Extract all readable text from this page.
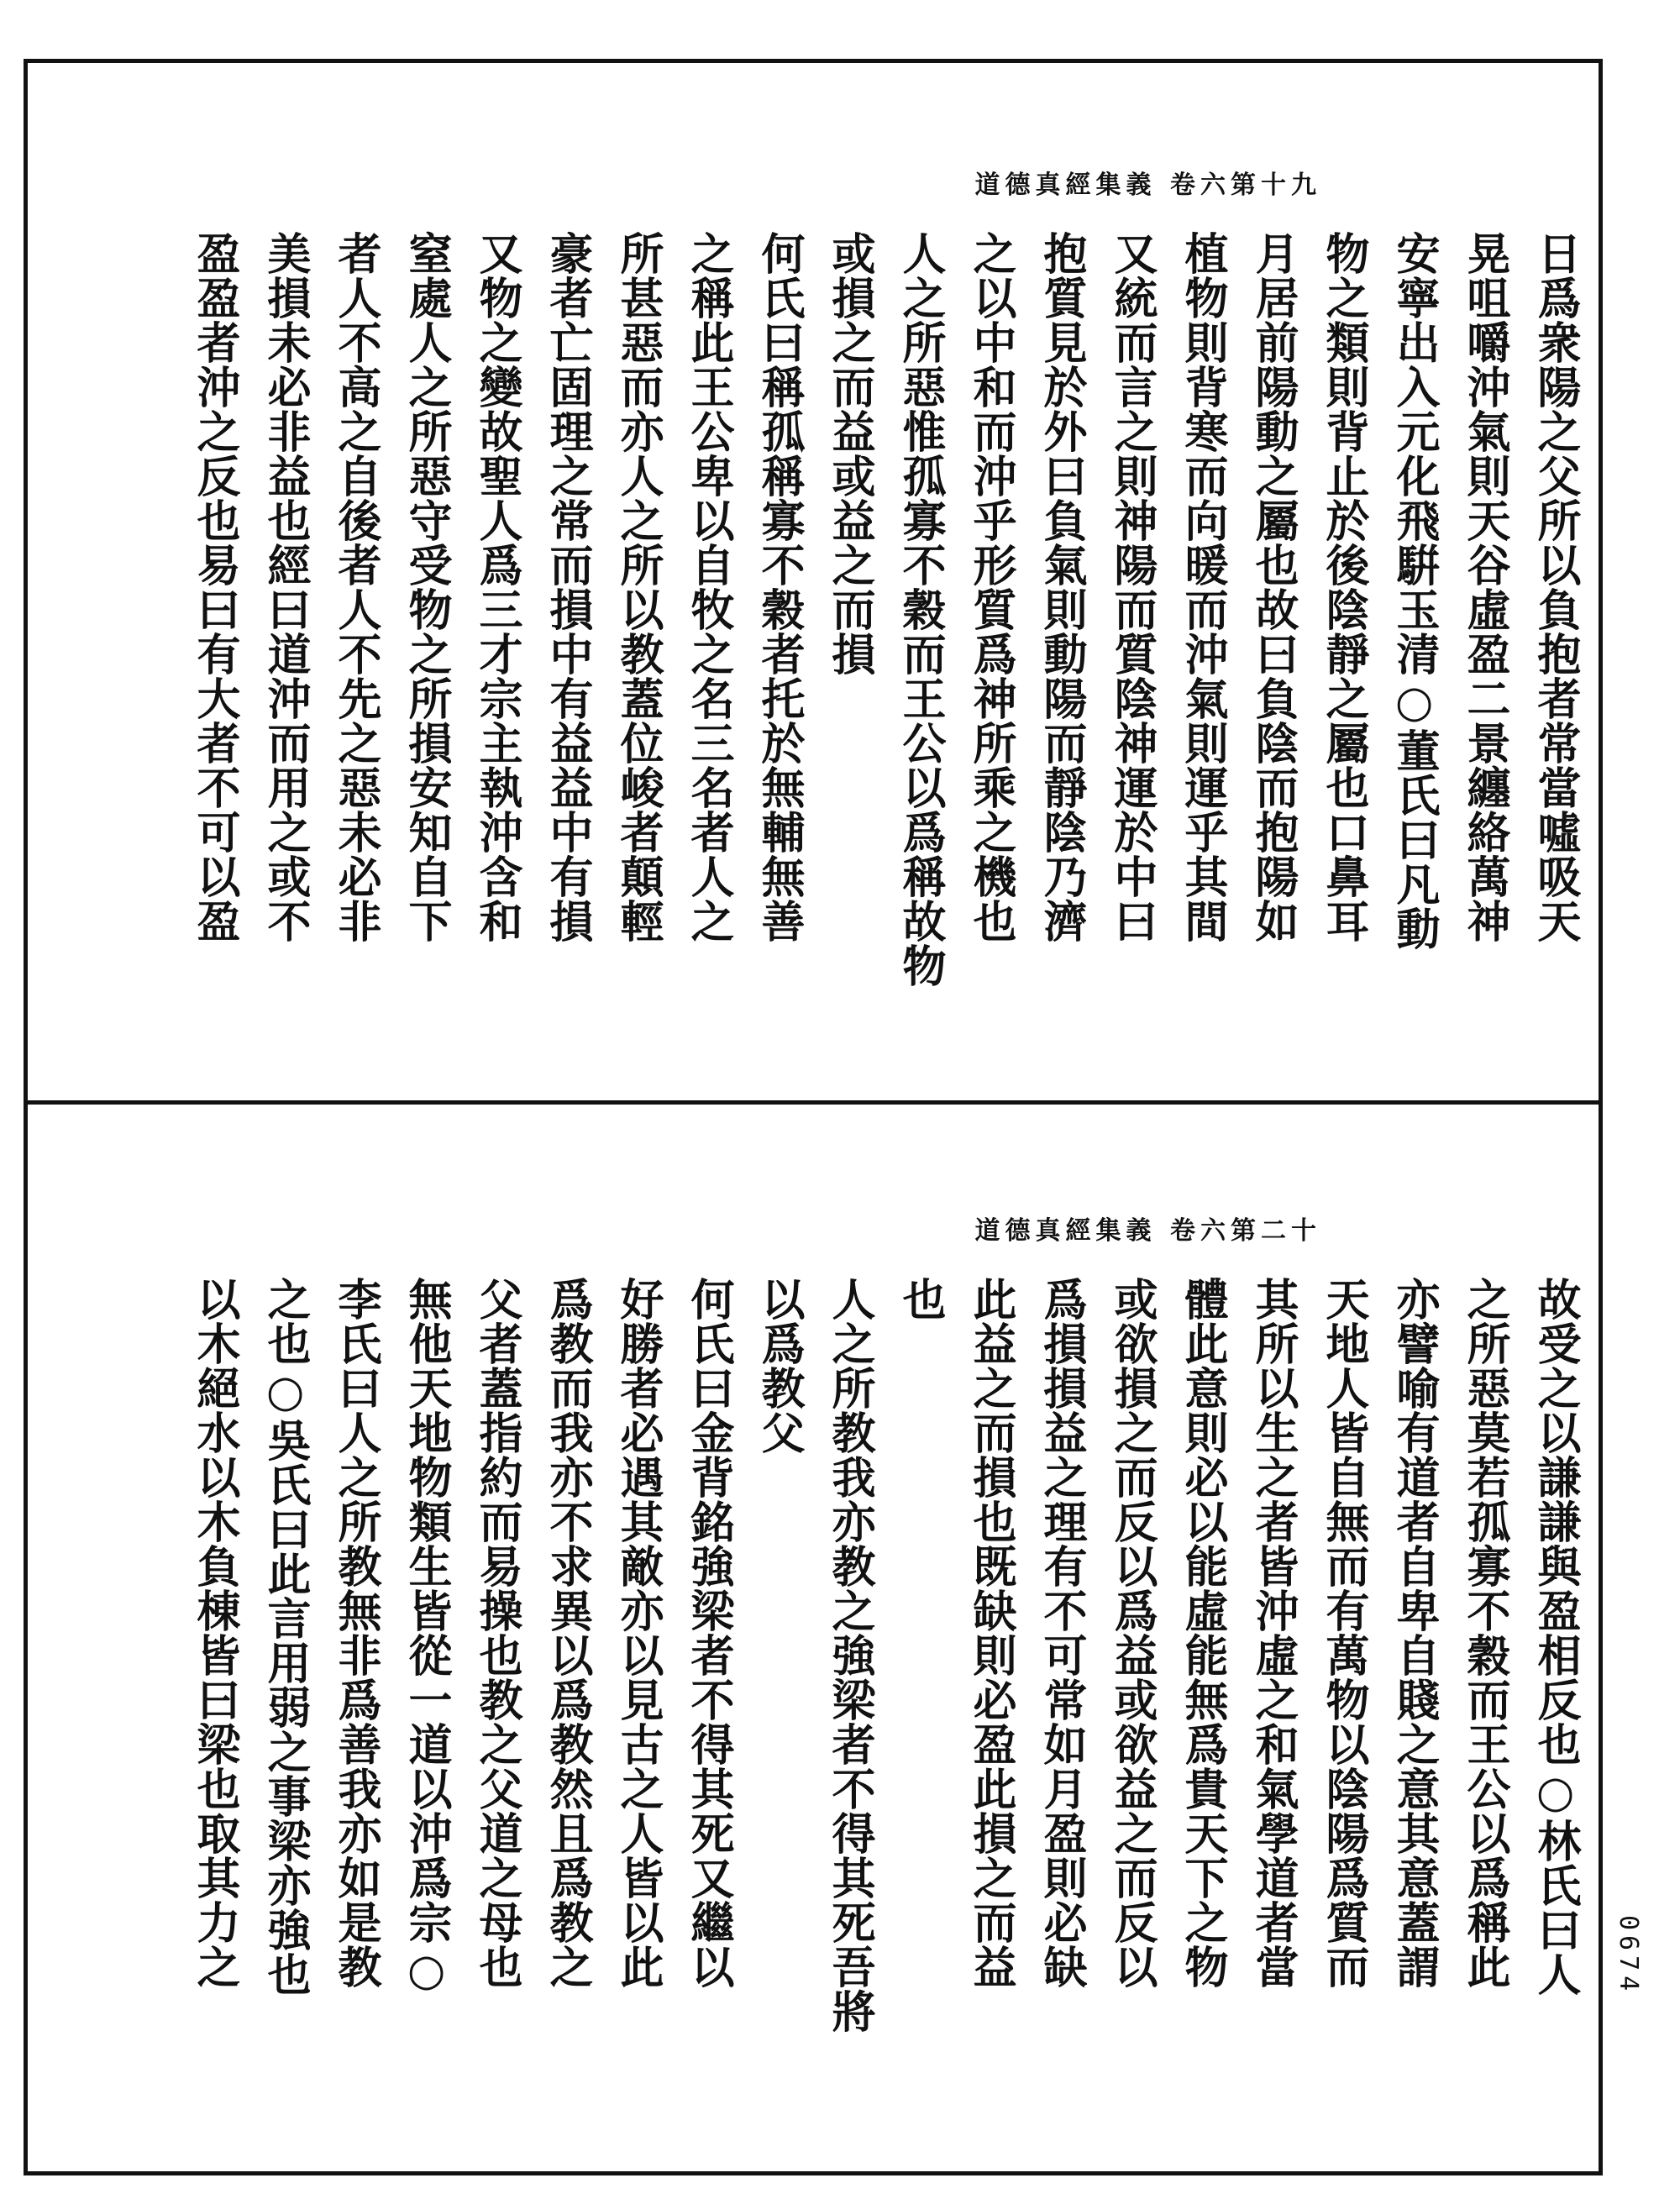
道德真經集義 卷六第十九
日爲衆陽之父所以負抱者常當噓吸天
晃咀嚼沖氣則天谷虛盈二景纏絡萬神
安寧出入元化飛騈玉清○董氏曰凡動
物之類則背止於後陰靜之屬也口鼻耳
月居前陽動之屬也故曰負陰而抱陽如
植物則背寒而向暖而沖氣則運乎其間
又統而言之則神陽而質陰神運於中曰
抱質見於外曰負氣則動陽而靜陰乃濟
之以中和而沖乎形質爲神所乘之機也
人之所惡惟孤寡不穀而王公以爲稱故物
或損之而益或益之而損
何氏曰稱孤稱寡不穀者托於無輔無善
之稱此王公卑以自牧之名三名者人之
所甚惡而亦人之所以教蓋位峻者顛輕
豪者亡固理之常而損中有益益中有損
又物之變故聖人爲三才宗主執沖含和
窒處人之所惡守受物之所損安知自下
者人不高之自後者人不先之惡未必非
美損未必非益也經曰道沖而用之或不
盈盈者沖之反也易曰有大者不可以盈
道德真經集義 卷六第二十
故受之以謙謙與盈相反也○林氏曰人
之所惡莫若孤寡不穀而王公以爲稱此
亦譬喻有道者自卑自賤之意其意蓋謂
天地人皆自無而有萬物以陰陽爲質而
其所以生之者皆沖虛之和氣學道者當
體此意則必以能虛能無爲貴天下之物
或欲損之而反以爲益或欲益之而反以
爲損損益之理有不可常如月盈則必缺
此益之而損也既缺則必盈此損之而益
也
人之所教我亦教之強梁者不得其死吾將
以爲教父
何氏曰金背銘強梁者不得其死又繼以
好勝者必遇其敵亦以見古之人皆以此
爲教而我亦不求異以爲教然且爲教之
父者蓋指約而易操也教之父道之母也
無他天地物類生皆從一道以沖爲宗○
李氏曰人之所教無非爲善我亦如是教
之也○吳氏曰此言用弱之事梁亦強也
以木絕水以木負棟皆曰梁也取其力之	0674
